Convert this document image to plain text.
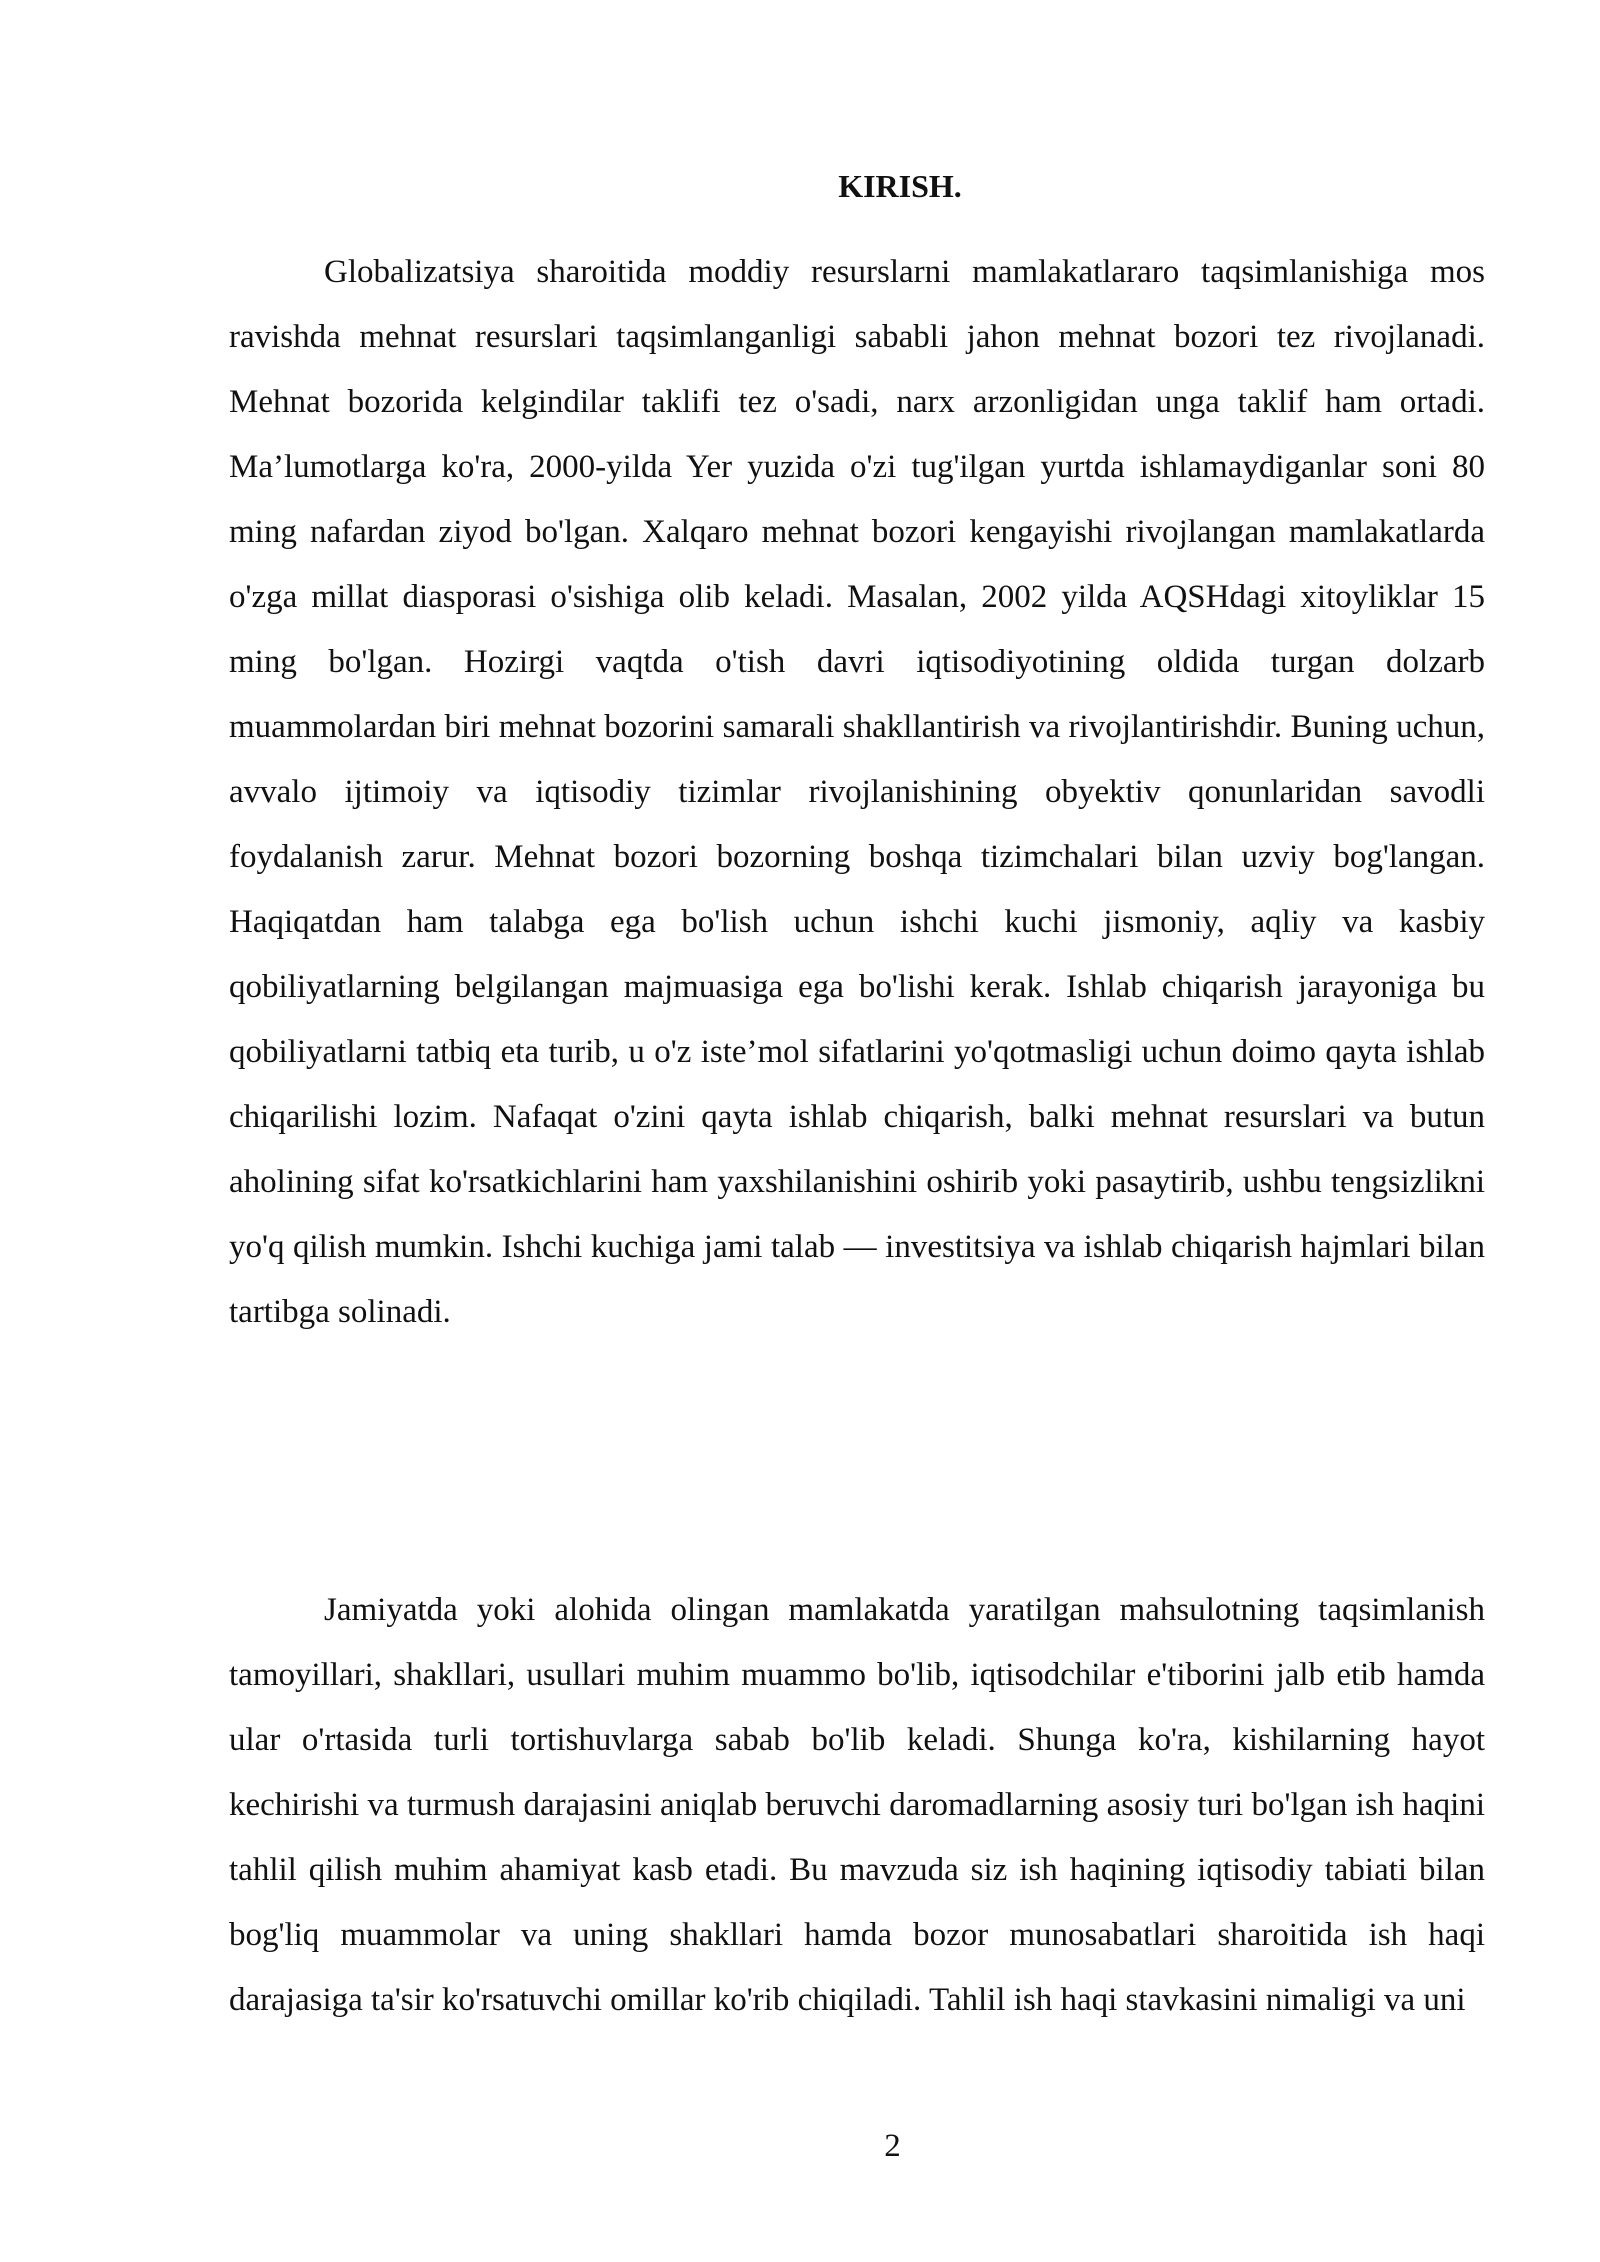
KIRISH.

Globalizatsiya sharoitida moddiy resurslarni mamlakatlararo taqsimlanishiga mos ravishda mehnat resurslari taqsimlanganligi sababli jahon mehnat bozori tez rivojlanadi. Mehnat bozorida kelgindilar taklifi tez o'sadi, narx arzonligidan unga taklif ham ortadi. Ma’lumotlarga ko'ra, 2000-yilda Yer yuzida o'zi tug'ilgan yurtda ishlamaydiganlar soni 80 ming nafardan ziyod bo'lgan. Xalqaro mehnat bozori kengayishi rivojlangan mamlakatlarda o'zga millat diasporasi o'sishiga olib keladi. Masalan, 2002 yilda AQSHdagi xitoyliklar 15 ming bo'lgan. Hozirgi vaqtda o'tish davri iqtisodiyotining oldida turgan dolzarb muammolardan biri mehnat bozorini samarali shakllantirish va rivojlantirishdir. Buning uchun, avvalo ijtimoiy va iqtisodiy tizimlar rivojlanishining obyektiv qonunlaridan savodli foydalanish zarur. Mehnat bozori bozorning boshqa tizimchalari bilan uzviy bog'langan. Haqiqatdan ham talabga ega bo'lish uchun ishchi kuchi jismoniy, aqliy va kasbiy qobiliyatlarning belgilangan majmuasiga ega bo'lishi kerak. Ishlab chiqarish jarayoniga bu qobiliyatlarni tatbiq eta turib, u o'z iste’mol sifatlarini yo'qotmasligi uchun doimo qayta ishlab chiqarilishi lozim. Nafaqat o'zini qayta ishlab chiqarish, balki mehnat resurslari va butun aholining sifat ko'rsatkichlarini ham yaxshilanishini oshirib yoki pasaytirib, ushbu tengsizlikni yo'q qilish mumkin. Ishchi kuchiga jami talab — investitsiya va ishlab chiqarish hajmlari bilan tartibga solinadi.

Jamiyatda yoki alohida olingan mamlakatda yaratilgan mahsulotning taqsimlanish tamoyillari, shakllari, usullari muhim muammo bo'lib, iqtisodchilar e'tiborini jalb etib hamda ular o'rtasida turli tortishuvlarga sabab bo'lib keladi. Shunga ko'ra, kishilarning hayot kechirishi va turmush darajasini aniqlab beruvchi daromadlarning asosiy turi bo'lgan ish haqini tahlil qilish muhim ahamiyat kasb etadi. Bu mavzuda siz ish haqining iqtisodiy tabiati bilan bog'liq muammolar va uning shakllari hamda bozor munosabatlari sharoitida ish haqi darajasiga ta'sir ko'rsatuvchi omillar ko'rib chiqiladi. Tahlil ish haqi stavkasini nimaligi va uni

2
